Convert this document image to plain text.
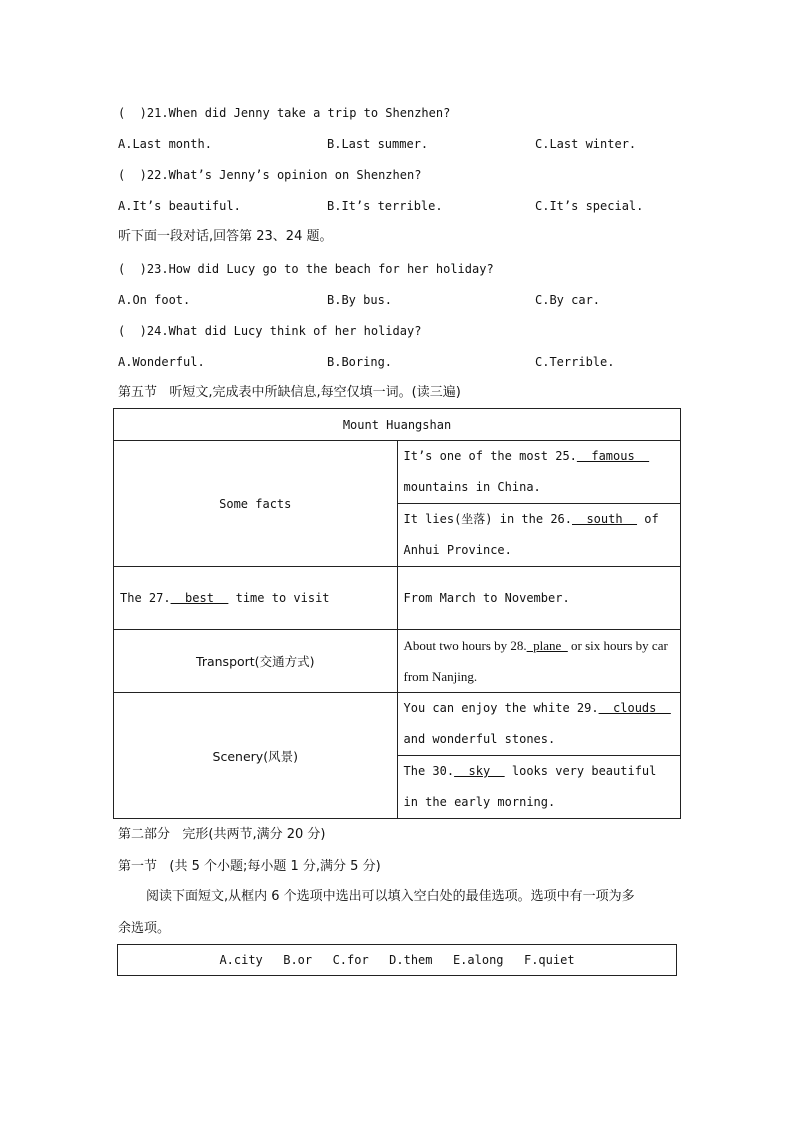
(  )21.When did Jenny take a trip to Shenzhen?
A.Last month.	B.Last summer.	C.Last winter.
(  )22.What’s Jenny’s opinion on Shenzhen?
A.It’s beautiful.	B.It’s terrible.	C.It’s special.
听下面一段对话,回答第 23、24 题。
(  )23.How did Lucy go to the beach for her holiday?
A.On foot.	B.By bus.	C.By car.
(  )24.What did Lucy think of her holiday?
A.Wonderful.	B.Boring.	C.Terrible.
第五节   听短文,完成表中所缺信息,每空仅填一词。(读三遍)
Mount Huangshan	
Some facts	It’s one of the most 25.  famous   mountains in China.
	It lies(坐落) in the 26.  south   of Anhui Province.
The 27.  best   time to visit	From March to November.
Transport(交通方式)	About two hours by 28.  plane   or six hours by car from Nanjing.
Scenery(风景)	You can enjoy the white 29.  clouds   and wonderful stones.
	The 30.  sky   looks very beautiful in the early morning.
第二部分   完形(共两节,满分 20 分)
第一节   (共 5 个小题;每小题 1 分,满分 5 分)
阅读下面短文,从框内 6 个选项中选出可以填入空白处的最佳选项。选项中有一项为多
余选项。
A.city  B.or  C.for  D.them  E.along  F.quiet
